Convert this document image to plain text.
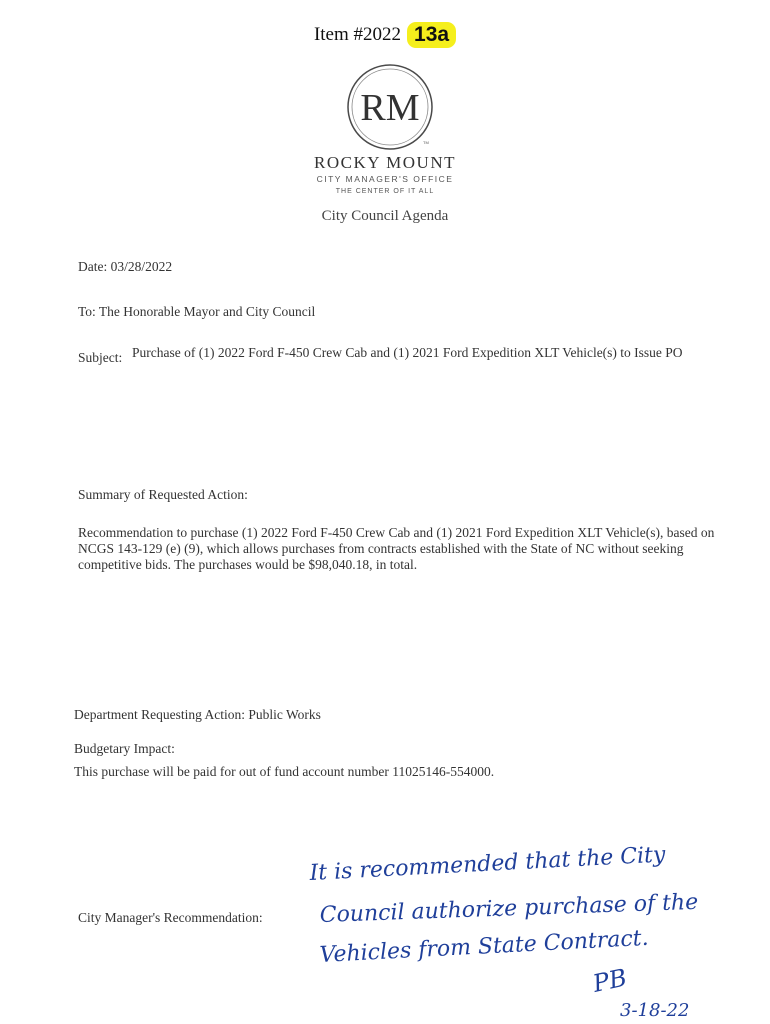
Item #2022 13a
RM
TM
ROCKY MOUNT
CITY MANAGER'S OFFICE
THE CENTER OF IT ALL
City Council Agenda
Date: 03/28/2022
To: The Honorable Mayor and City Council
Subject: Purchase of (1) 2022 Ford F-450 Crew Cab and (1) 2021 Ford Expedition XLT Vehicle(s) to Issue PO
Summary of Requested Action:
Recommendation to purchase (1) 2022 Ford F-450 Crew Cab and (1) 2021 Ford Expedition XLT Vehicle(s), based on NCGS 143-129 (e) (9), which allows purchases from contracts established with the State of NC without seeking competitive bids. The purchases would be $98,040.18, in total.
Department Requesting Action: Public Works
Budgetary Impact:
This purchase will be paid for out of fund account number 11025146-554000.
City Manager's Recommendation:
It is recommended that the City
Council authorize purchase of the
Vehicles from State Contract.
PB
3-18-22
